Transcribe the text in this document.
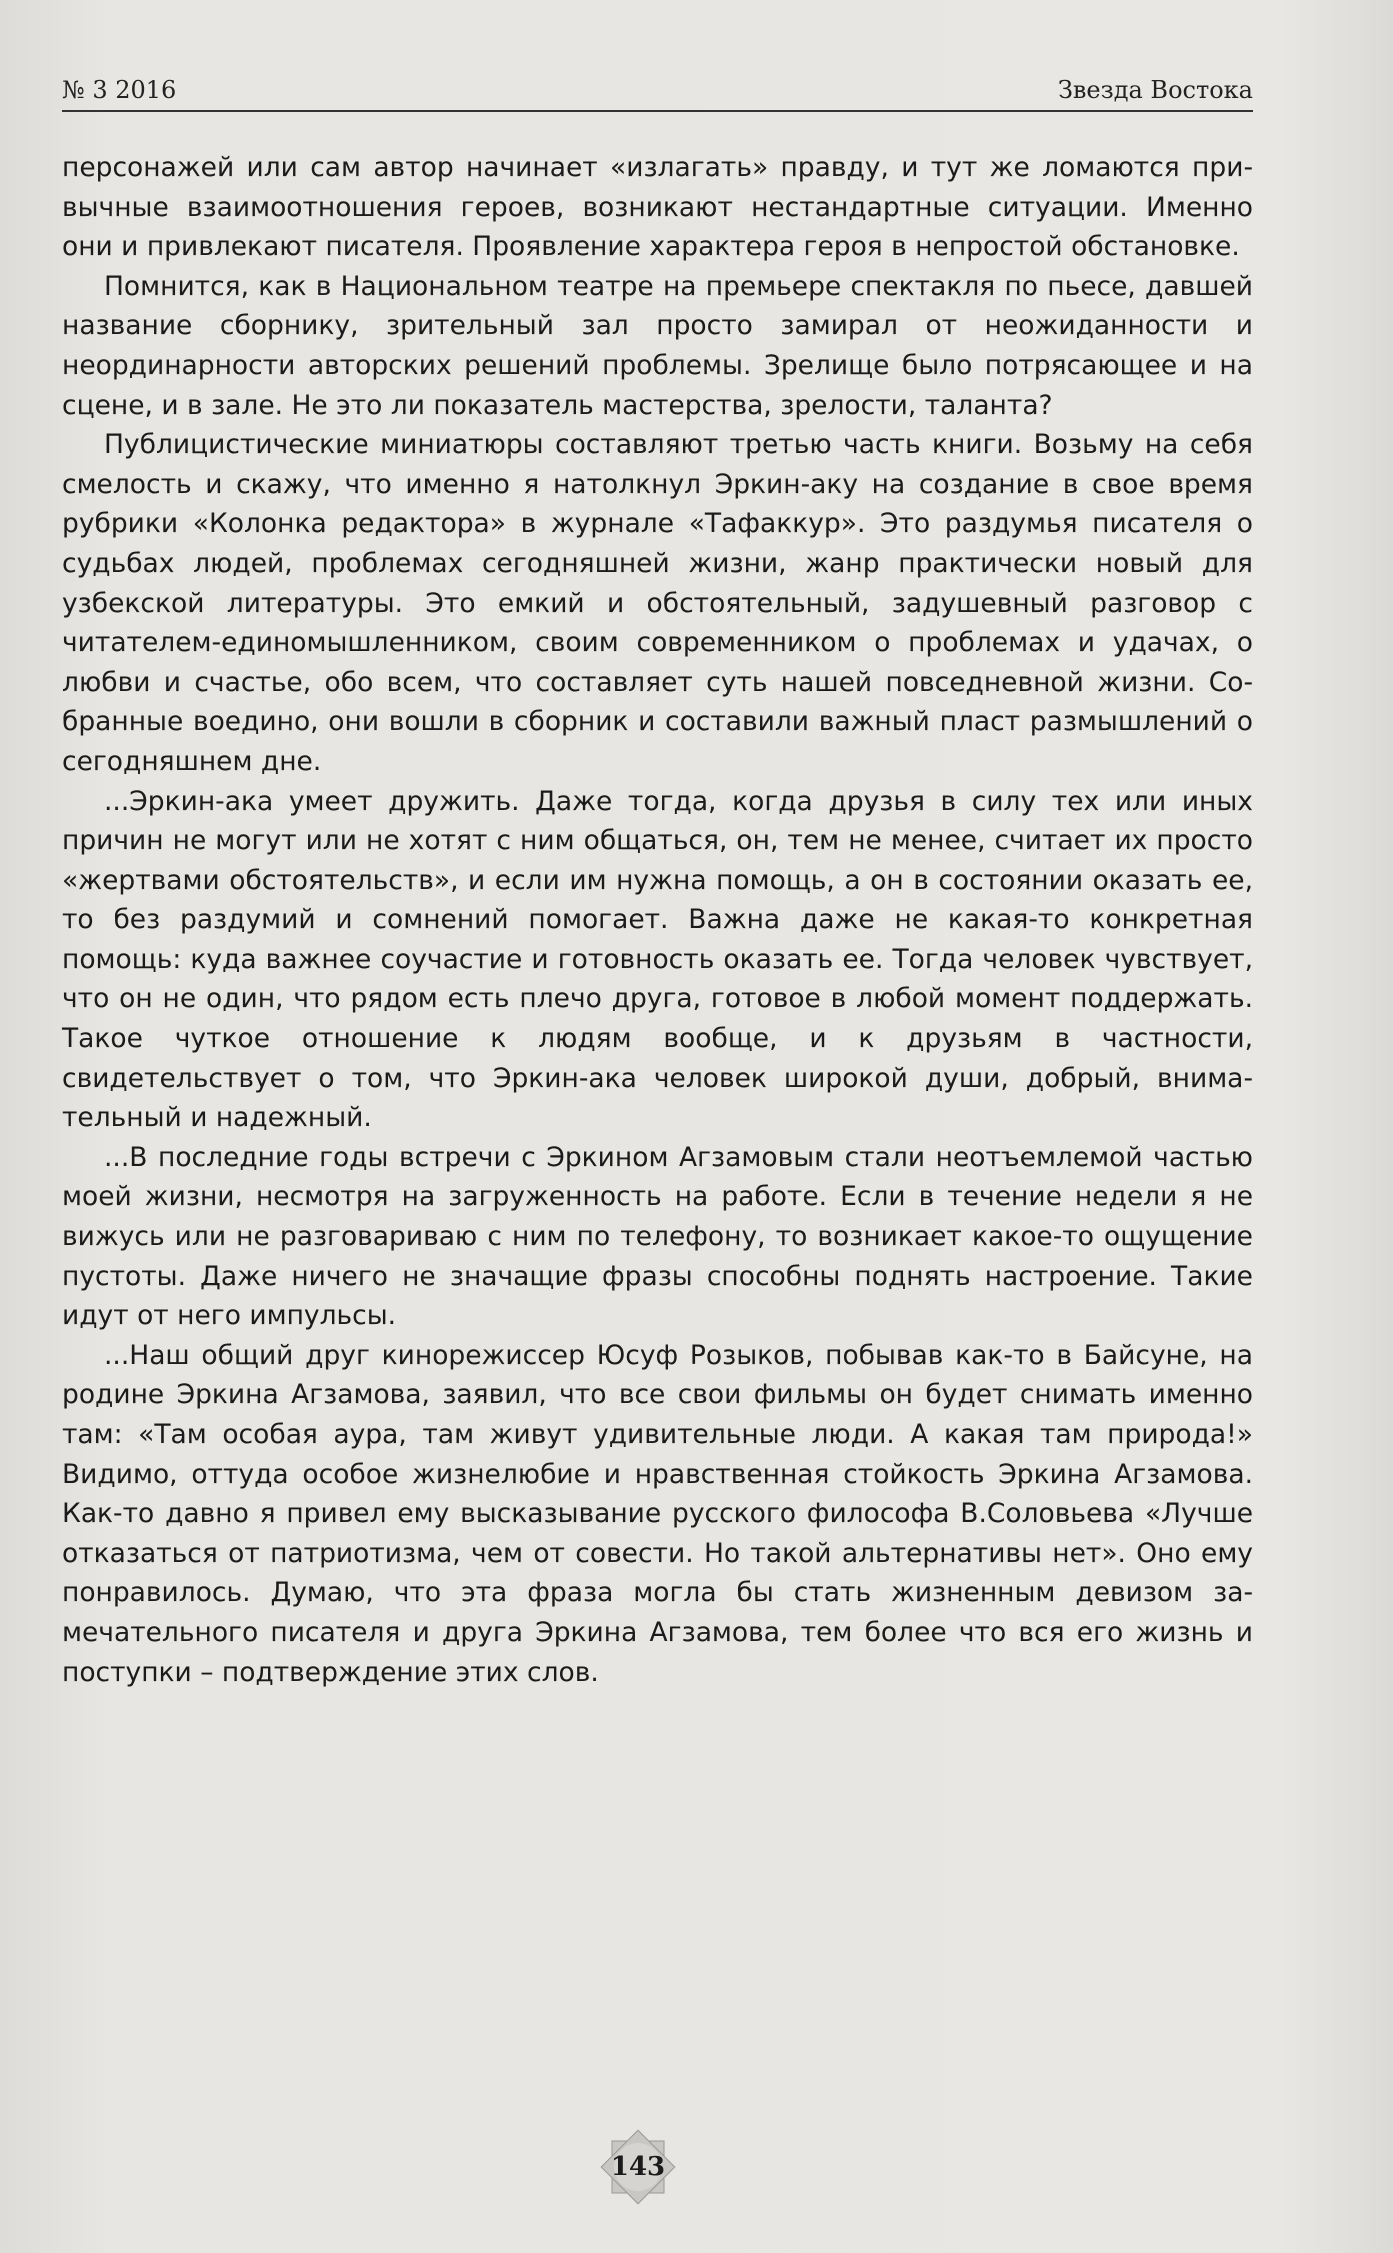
№ 3 2016	Звезда Востока

персонажей или сам автор начинает «излагать» правду, и тут же ломаются привычные взаимоотношения героев, возникают нестандартные ситуации. Именно они и привлекают писателя. Проявление характера героя в непростой обстановке.

Помнится, как в Национальном театре на премьере спектакля по пьесе, давшей название сборнику, зрительный зал просто замирал от неожиданности и неординарности авторских решений проблемы. Зрелище было потрясающее и на сцене, и в зале. Не это ли показатель мастерства, зрелости, таланта?

Публицистические миниатюры составляют третью часть книги. Возьму на себя смелость и скажу, что именно я натолкнул Эркин-аку на создание в свое время рубрики «Колонка редактора» в журнале «Тафаккур». Это раздумья писателя о судьбах людей, проблемах сегодняшней жизни, жанр практически новый для узбекской литературы. Это емкий и обстоятельный, задушевный разговор с читателем-единомышленником, своим современником о проблемах и удачах, о любви и счастье, обо всем, что составляет суть нашей повседневной жизни. Собранные воедино, они вошли в сборник и составили важный пласт размышлений о сегодняшнем дне.

...Эркин-ака умеет дружить. Даже тогда, когда друзья в силу тех или иных причин не могут или не хотят с ним общаться, он, тем не менее, считает их просто «жертвами обстоятельств», и если им нужна помощь, а он в состоянии оказать ее, то без раздумий и сомнений помогает. Важна даже не какая-то конкретная помощь: куда важнее соучастие и готовность оказать ее. Тогда человек чувствует, что он не один, что рядом есть плечо друга, готовое в любой момент поддержать. Такое чуткое отношение к людям вообще, и к друзьям в частности, свидетельствует о том, что Эркин-ака человек широкой души, добрый, внимательный и надежный.

...В последние годы встречи с Эркином Агзамовым стали неотъемлемой частью моей жизни, несмотря на загруженность на работе. Если в течение недели я не вижусь или не разговариваю с ним по телефону, то возникает какое-то ощущение пустоты. Даже ничего не значащие фразы способны поднять настроение. Такие идут от него импульсы.

...Наш общий друг кинорежиссер Юсуф Розыков, побывав как-то в Байсуне, на родине Эркина Агзамова, заявил, что все свои фильмы он будет снимать именно там: «Там особая аура, там живут удивительные люди. А какая там природа!» Видимо, оттуда особое жизнелюбие и нравственная стойкость Эркина Агзамова. Как-то давно я привел ему высказывание русского философа В.Соловьева «Лучше отказаться от патриотизма, чем от совести. Но такой альтернативы нет». Оно ему понравилось. Думаю, что эта фраза могла бы стать жизненным девизом замечательного писателя и друга Эркина Агзамова, тем более что вся его жизнь и поступки – подтверждение этих слов.

143
